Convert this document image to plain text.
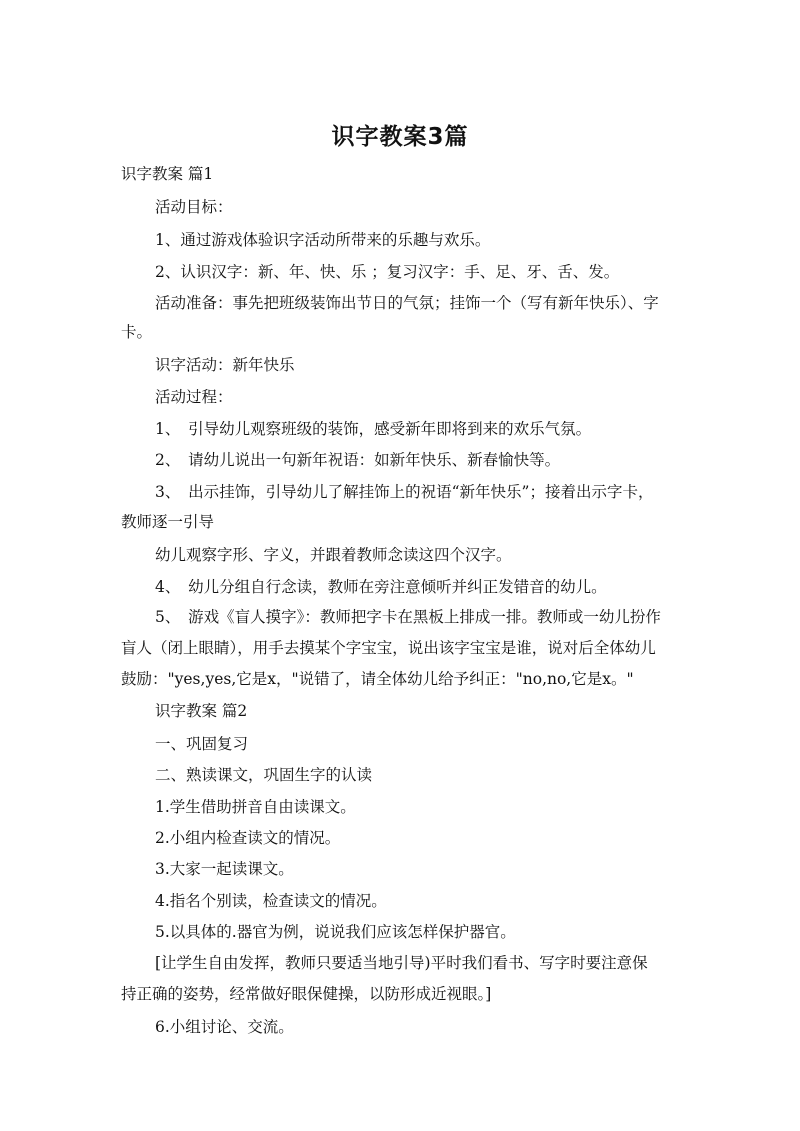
识字教案3篇

识字教案 篇1

活动目标：

1、通过游戏体验识字活动所带来的乐趣与欢乐。

2、认识汉字：新、年、快、乐 ；复习汉字：手、足、牙、舌、发。

活动准备：事先把班级装饰出节日的气氛；挂饰一个（写有新年快乐）、字

卡。

识字活动：新年快乐

活动过程：

1、　引导幼儿观察班级的装饰，感受新年即将到来的欢乐气氛。

2、　请幼儿说出一句新年祝语：如新年快乐、新春愉快等。

3、　出示挂饰，引导幼儿了解挂饰上的祝语“新年快乐”；接着出示字卡，

教师逐一引导

幼儿观察字形、字义，并跟着教师念读这四个汉字。

4、　幼儿分组自行念读，教师在旁注意倾听并纠正发错音的幼儿。

5、　游戏《盲人摸字》：教师把字卡在黑板上排成一排。教师或一幼儿扮作

盲人（闭上眼睛），用手去摸某个字宝宝，说出该字宝宝是谁，说对后全体幼儿

鼓励："yes,yes,它是x，"说错了，请全体幼儿给予纠正："no,no,它是x。"

识字教案 篇2

一、巩固复习

二、熟读课文，巩固生字的认读

1.学生借助拼音自由读课文。

2.小组内检查读文的情况。

3.大家一起读课文。

4.指名个别读，检查读文的情况。

5.以具体的.器官为例，说说我们应该怎样保护器官。

[让学生自由发挥，教师只要适当地引导)平时我们看书、写字时要注意保

持正确的姿势，经常做好眼保健操，以防形成近视眼。]

6.小组讨论、交流。
